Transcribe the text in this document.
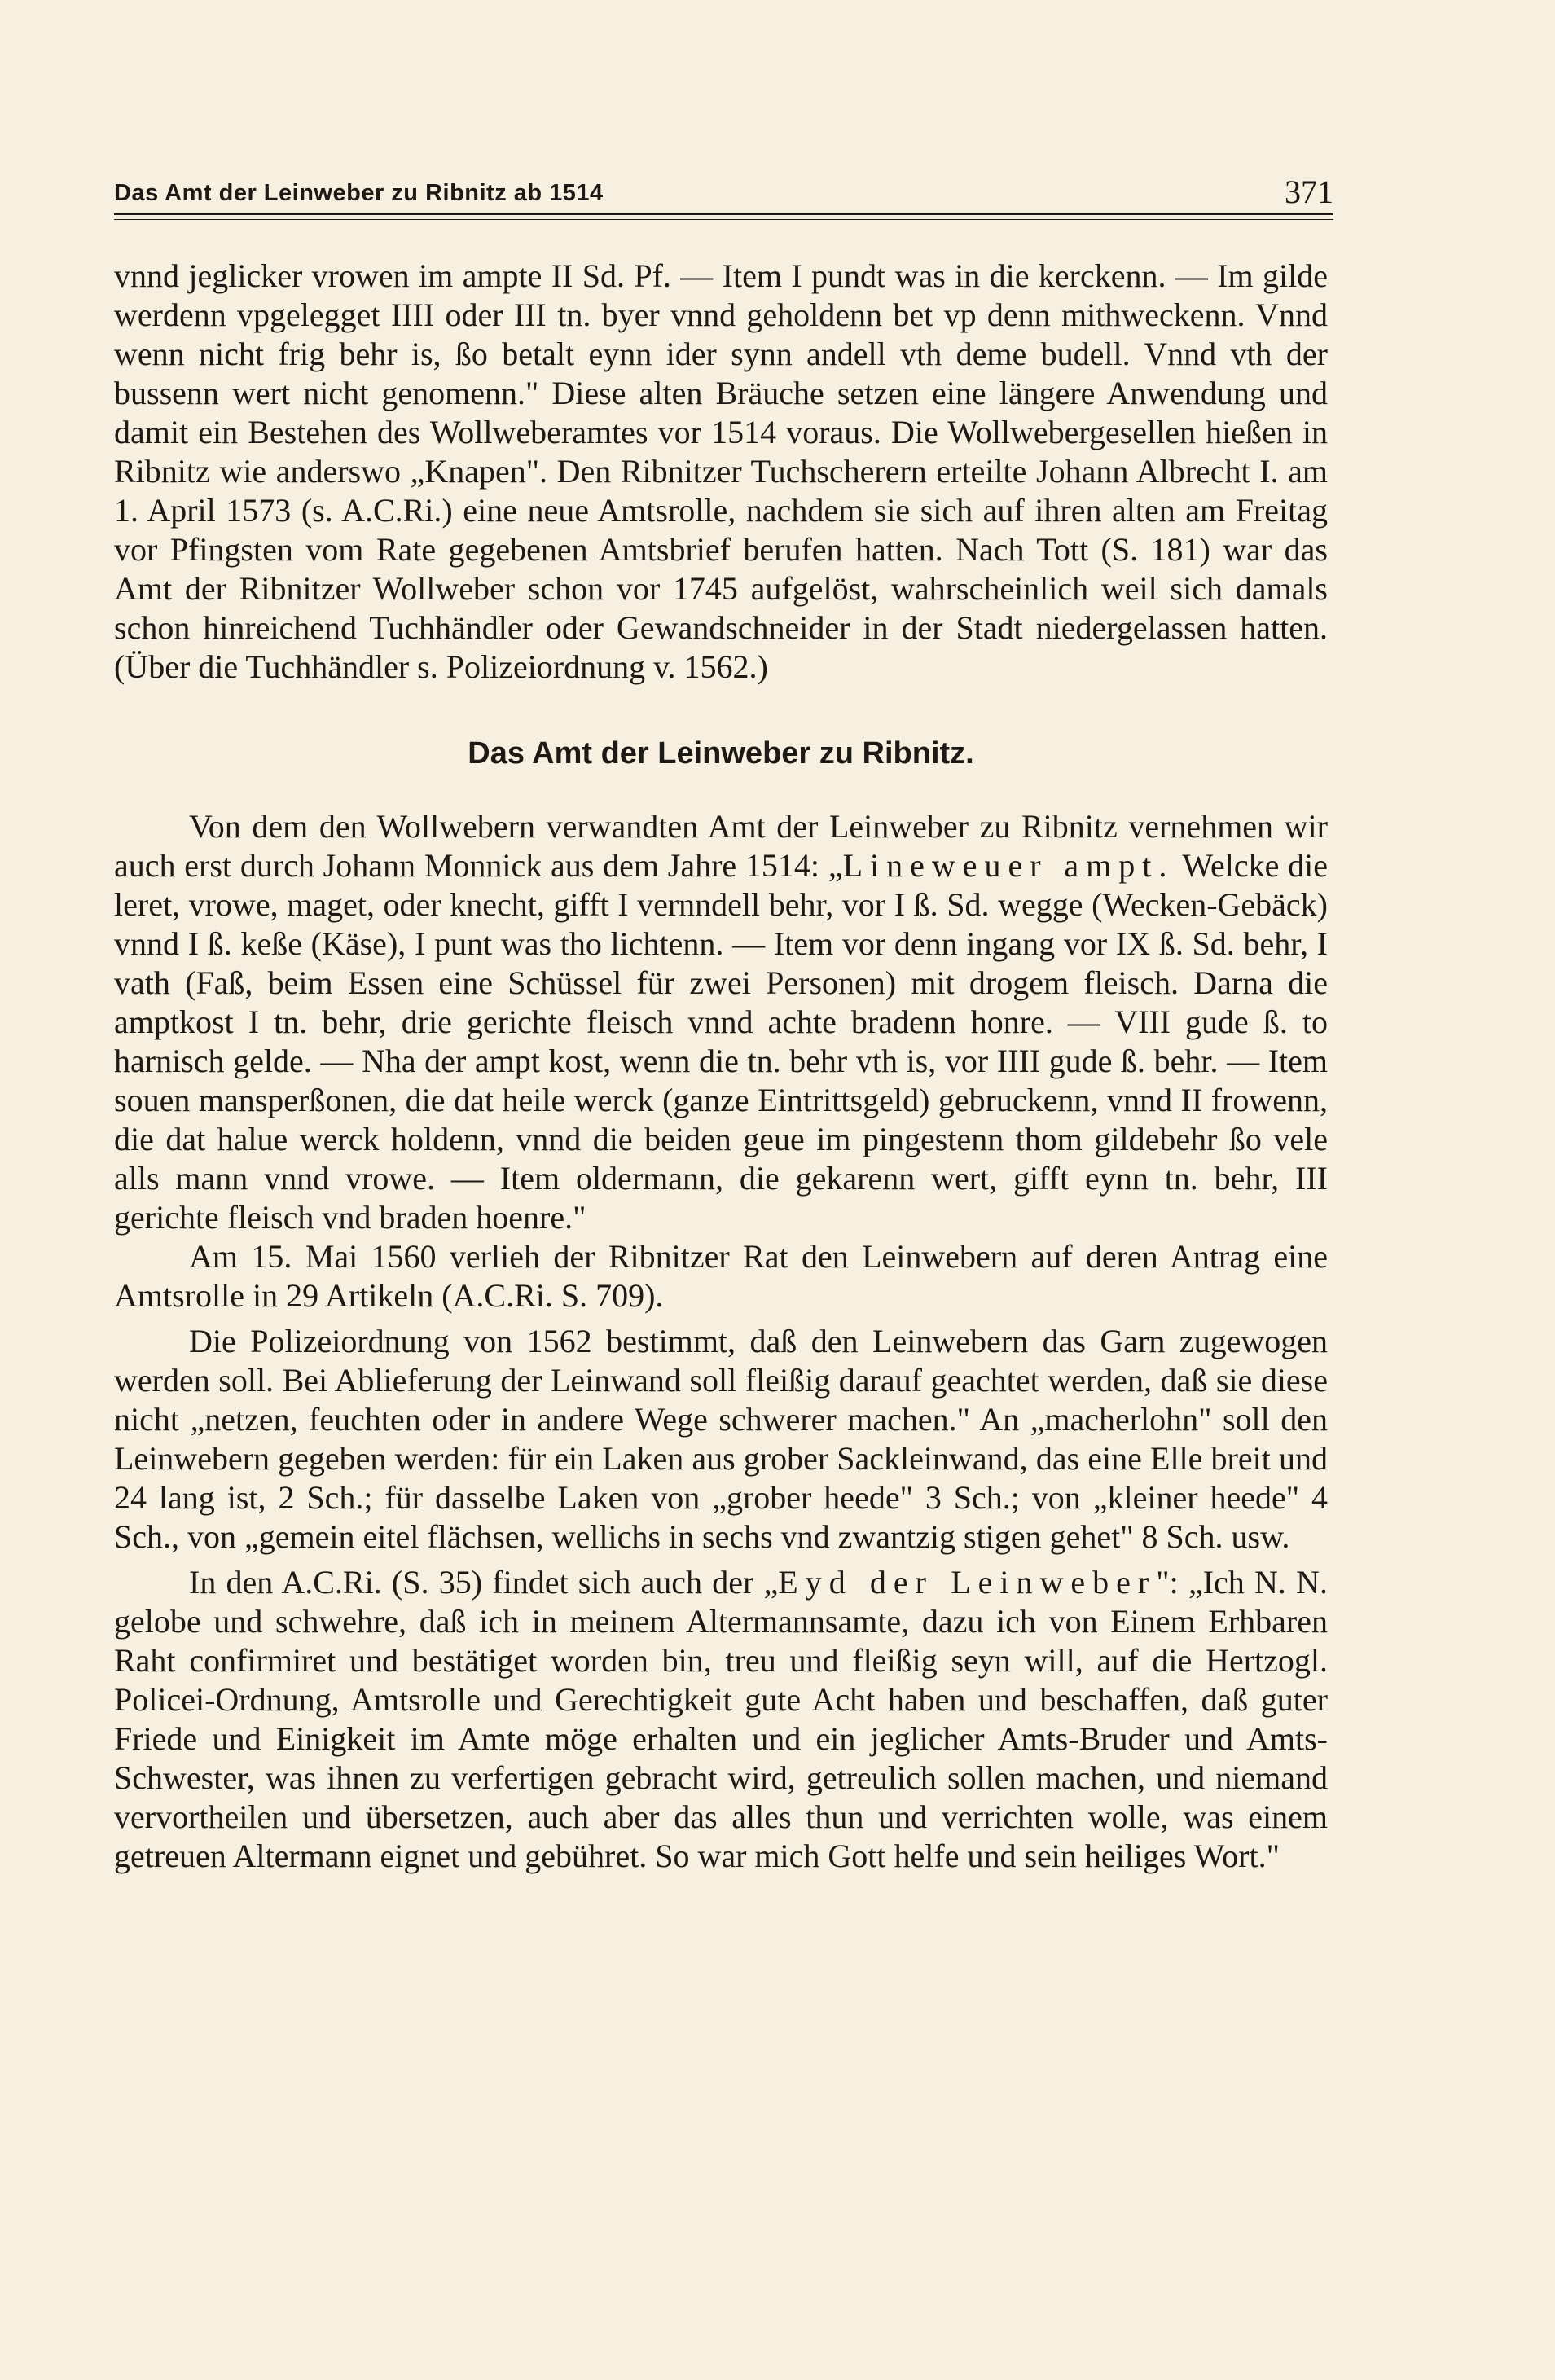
Das Amt der Leinweber zu Ribnitz ab 1514	371

vnnd jeglicker vrowen im ampte II Sd. Pf. — Item I pundt was in die kerckenn. — Im gilde werdenn vpgelegget IIII oder III tn. byer vnnd geholdenn bet vp denn mithweckenn. Vnnd wenn nicht frig behr is, ßo betalt eynn ider synn andell vth deme budell. Vnnd vth der bussenn wert nicht genomenn." Diese alten Bräuche setzen eine längere Anwendung und damit ein Bestehen des Wollweberamtes vor 1514 voraus. Die Wollwebergesellen hießen in Ribnitz wie anderswo „Knapen". Den Ribnitzer Tuchscherern erteilte Johann Albrecht I. am 1. April 1573 (s. A.C.Ri.) eine neue Amtsrolle, nachdem sie sich auf ihren alten am Freitag vor Pfingsten vom Rate gegebenen Amtsbrief berufen hatten. Nach Tott (S. 181) war das Amt der Ribnitzer Wollweber schon vor 1745 aufgelöst, wahrscheinlich weil sich damals schon hinreichend Tuchhändler oder Gewandschneider in der Stadt niedergelassen hatten. (Über die Tuchhändler s. Polizeiordnung v. 1562.)

Das Amt der Leinweber zu Ribnitz.

Von dem den Wollwebern verwandten Amt der Leinweber zu Ribnitz vernehmen wir auch erst durch Johann Monnick aus dem Jahre 1514: „Lineweuer ampt. Welcke die leret, vrowe, maget, oder knecht, gifft I vernndell behr, vor I ß. Sd. wegge (Wecken-Gebäck) vnnd I ß. keße (Käse), I punt was tho lichtenn. — Item vor denn ingang vor IX ß. Sd. behr, I vath (Faß, beim Essen eine Schüssel für zwei Personen) mit drogem fleisch. Darna die amptkost I tn. behr, drie gerichte fleisch vnnd achte bradenn honre. — VIII gude ß. to harnisch gelde. — Nha der ampt kost, wenn die tn. behr vth is, vor IIII gude ß. behr. — Item souen mansperßonen, die dat heile werck (ganze Eintrittsgeld) gebruckenn, vnnd II frowenn, die dat halue werck holdenn, vnnd die beiden geue im pingestenn thom gildebehr ßo vele alls mann vnnd vrowe. — Item oldermann, die gekarenn wert, gifft eynn tn. behr, III gerichte fleisch vnd braden hoenre."

Am 15. Mai 1560 verlieh der Ribnitzer Rat den Leinwebern auf deren Antrag eine Amtsrolle in 29 Artikeln (A.C.Ri. S. 709).

Die Polizeiordnung von 1562 bestimmt, daß den Leinwebern das Garn zugewogen werden soll. Bei Ablieferung der Leinwand soll fleißig darauf geachtet werden, daß sie diese nicht „netzen, feuchten oder in andere Wege schwerer machen." An „macherlohn" soll den Leinwebern gegeben werden: für ein Laken aus grober Sackleinwand, das eine Elle breit und 24 lang ist, 2 Sch.; für dasselbe Laken von „grober heede" 3 Sch.; von „kleiner heede" 4 Sch., von „gemein eitel flächsen, wellichs in sechs vnd zwantzig stigen gehet" 8 Sch. usw.

In den A.C.Ri. (S. 35) findet sich auch der „Eyd der Leinweber": „Ich N. N. gelobe und schwehre, daß ich in meinem Altermannsamte, dazu ich von Einem Erhbaren Raht confirmiret und bestätiget worden bin, treu und fleißig seyn will, auf die Hertzogl. Policei-Ordnung, Amtsrolle und Gerechtigkeit gute Acht haben und beschaffen, daß guter Friede und Einigkeit im Amte möge erhalten und ein jeglicher Amts-Bruder und Amts-Schwester, was ihnen zu verfertigen gebracht wird, getreulich sollen machen, und niemand vervortheilen und übersetzen, auch aber das alles thun und verrichten wolle, was einem getreuen Altermann eignet und gebühret. So war mich Gott helfe und sein heiliges Wort."
